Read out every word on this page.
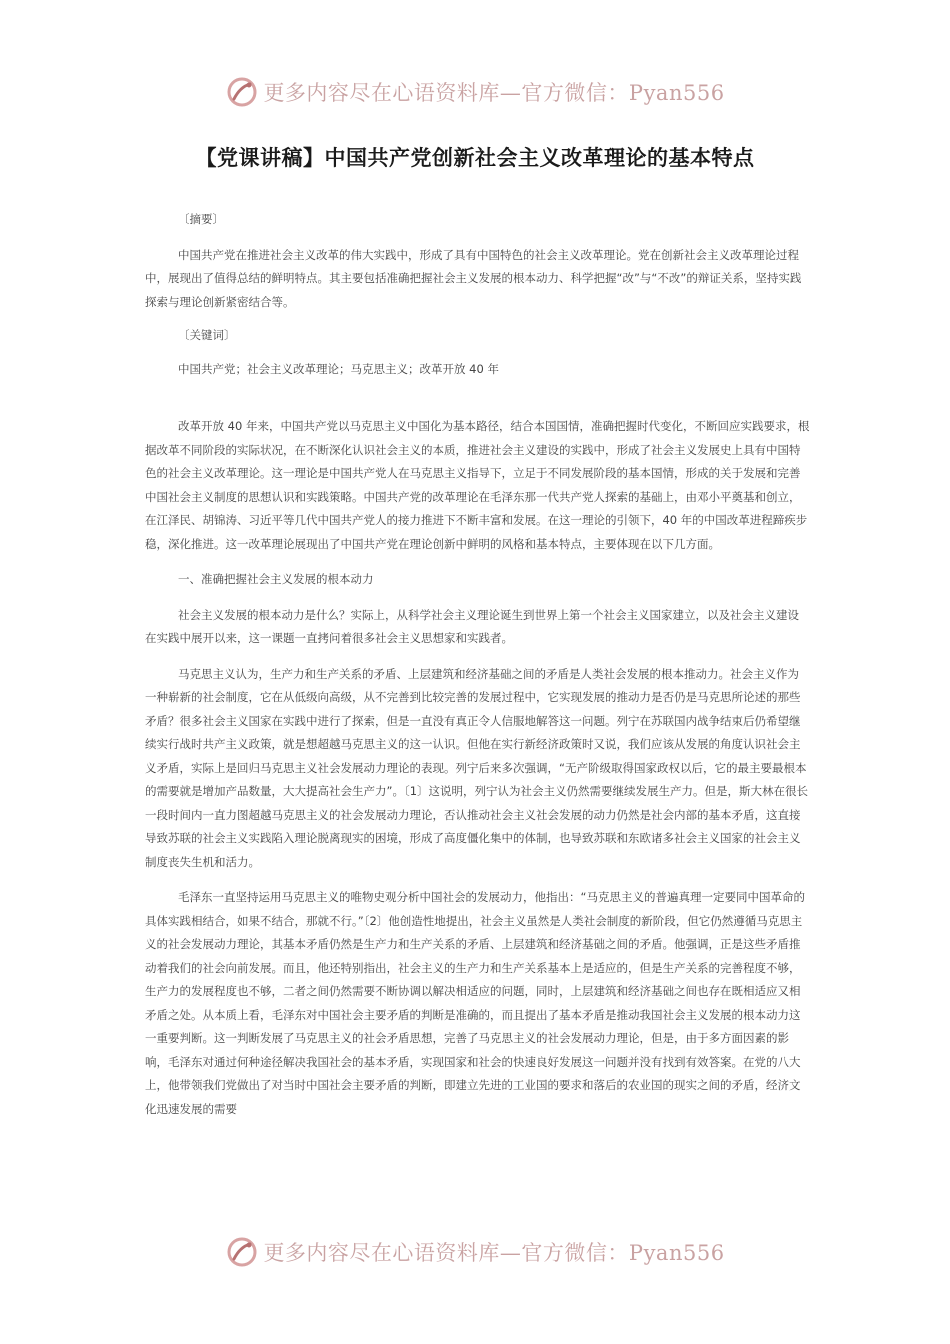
更多内容尽在心语资料库—官方微信：Pyan556
【党课讲稿】中国共产党创新社会主义改革理论的基本特点

〔摘要〕

中国共产党在推进社会主义改革的伟大实践中，形成了具有中国特色的社会主义改革理论。党在创新社会主义改革理论过程中，展现出了值得总结的鲜明特点。其主要包括准确把握社会主义发展的根本动力、科学把握“改”与“不改”的辩证关系，坚持实践探索与理论创新紧密结合等。

〔关键词〕

中国共产党；社会主义改革理论；马克思主义；改革开放 40 年

改革开放 40 年来，中国共产党以马克思主义中国化为基本路径，结合本国国情，准确把握时代变化，不断回应实践要求，根据改革不同阶段的实际状况，在不断深化认识社会主义的本质，推进社会主义建设的实践中，形成了社会主义发展史上具有中国特色的社会主义改革理论。这一理论是中国共产党人在马克思主义指导下，立足于不同发展阶段的基本国情，形成的关于发展和完善中国社会主义制度的思想认识和实践策略。中国共产党的改革理论在毛泽东那一代共产党人探索的基础上，由邓小平奠基和创立，在江泽民、胡锦涛、习近平等几代中国共产党人的接力推进下不断丰富和发展。在这一理论的引领下，40 年的中国改革进程蹄疾步稳，深化推进。这一改革理论展现出了中国共产党在理论创新中鲜明的风格和基本特点，主要体现在以下几方面。

一、准确把握社会主义发展的根本动力

社会主义发展的根本动力是什么？实际上，从科学社会主义理论诞生到世界上第一个社会主义国家建立，以及社会主义建设在实践中展开以来，这一课题一直拷问着很多社会主义思想家和实践者。

马克思主义认为，生产力和生产关系的矛盾、上层建筑和经济基础之间的矛盾是人类社会发展的根本推动力。社会主义作为一种崭新的社会制度，它在从低级向高级，从不完善到比较完善的发展过程中，它实现发展的推动力是否仍是马克思所论述的那些矛盾？很多社会主义国家在实践中进行了探索，但是一直没有真正令人信服地解答这一问题。列宁在苏联国内战争结束后仍希望继续实行战时共产主义政策，就是想超越马克思主义的这一认识。但他在实行新经济政策时又说，我们应该从发展的角度认识社会主义矛盾，实际上是回归马克思主义社会发展动力理论的表现。列宁后来多次强调，“无产阶级取得国家政权以后，它的最主要最根本的需要就是增加产品数量，大大提高社会生产力”。〔1〕这说明，列宁认为社会主义仍然需要继续发展生产力。但是，斯大林在很长一段时间内一直力图超越马克思主义的社会发展动力理论，否认推动社会主义社会发展的动力仍然是社会内部的基本矛盾，这直接导致苏联的社会主义实践陷入理论脱离现实的困境，形成了高度僵化集中的体制，也导致苏联和东欧诸多社会主义国家的社会主义制度丧失生机和活力。

毛泽东一直坚持运用马克思主义的唯物史观分析中国社会的发展动力，他指出：“马克思主义的普遍真理一定要同中国革命的具体实践相结合，如果不结合，那就不行。”〔2〕他创造性地提出，社会主义虽然是人类社会制度的新阶段，但它仍然遵循马克思主义的社会发展动力理论，其基本矛盾仍然是生产力和生产关系的矛盾、上层建筑和经济基础之间的矛盾。他强调，正是这些矛盾推动着我们的社会向前发展。而且，他还特别指出，社会主义的生产力和生产关系基本上是适应的，但是生产关系的完善程度不够，生产力的发展程度也不够，二者之间仍然需要不断协调以解决相适应的问题，同时，上层建筑和经济基础之间也存在既相适应又相矛盾之处。从本质上看，毛泽东对中国社会主要矛盾的判断是准确的，而且提出了基本矛盾是推动我国社会主义发展的根本动力这一重要判断。这一判断发展了马克思主义的社会矛盾思想，完善了马克思主义的社会发展动力理论，但是，由于多方面因素的影响，毛泽东对通过何种途径解决我国社会的基本矛盾，实现国家和社会的快速良好发展这一问题并没有找到有效答案。在党的八大上，他带领我们党做出了对当时中国社会主要矛盾的判断，即建立先进的工业国的要求和落后的农业国的现实之间的矛盾，经济文化迅速发展的需要

更多内容尽在心语资料库—官方微信：Pyan556
